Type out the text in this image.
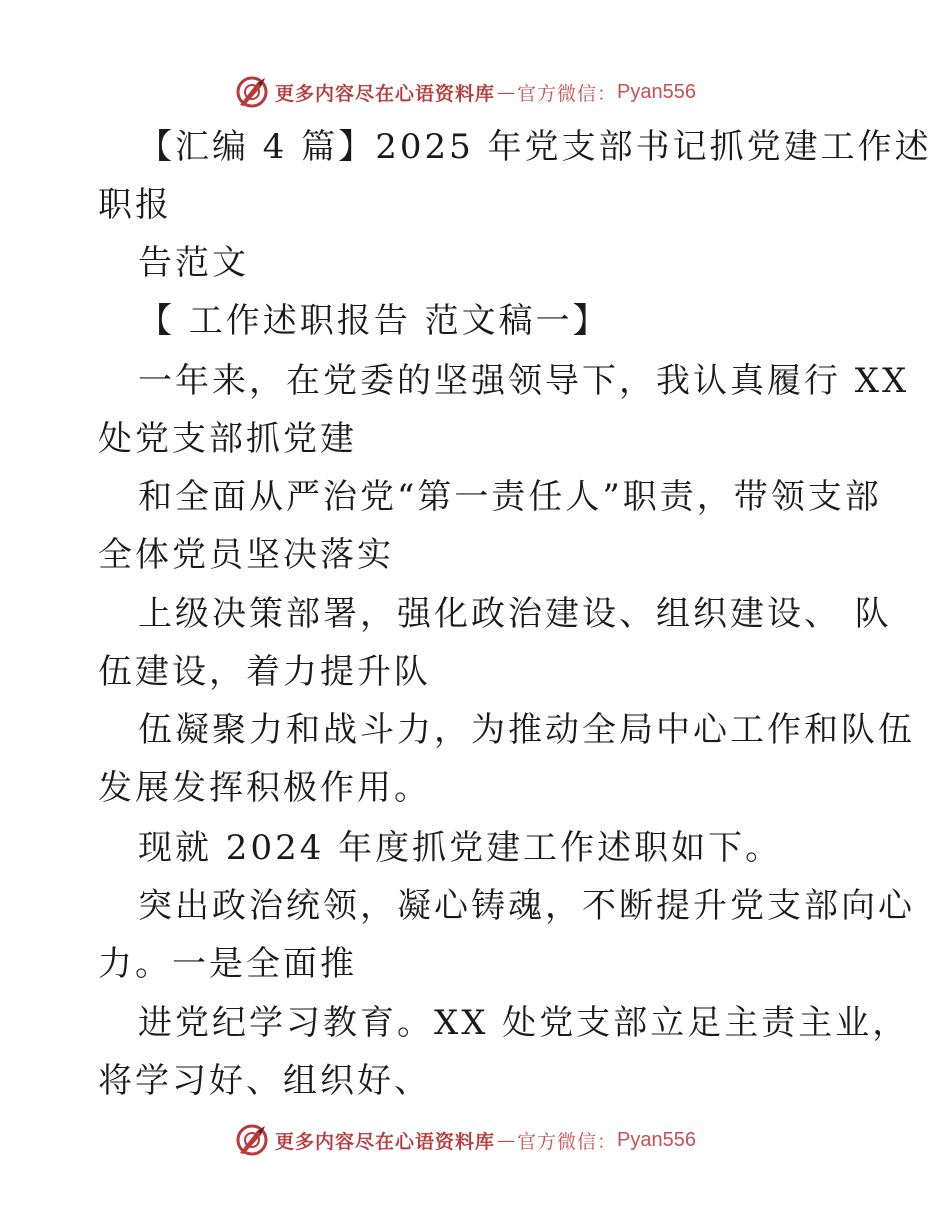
更多内容尽在心语资料库 — 官方微信： Pyan556
【汇编 4 篇】2025 年党支部书记抓党建工作述
职报
告范文
【 工作述职报告 范文稿一】
一年来，在党委的坚强领导下，我认真履行 XX
处党支部抓党建
和全面从严治党“第一责任人”职责，带领支部
全体党员坚决落实
上级决策部署，强化政治建设、组织建设、 队
伍建设，着力提升队
伍凝聚力和战斗力，为推动全局中心工作和队伍
发展发挥积极作用。
现就 2024 年度抓党建工作述职如下。
突出政治统领，凝心铸魂，不断提升党支部向心
力。一是全面推
进党纪学习教育。XX 处党支部立足主责主业，
将学习好、组织好、
更多内容尽在心语资料库 — 官方微信： Pyan556
